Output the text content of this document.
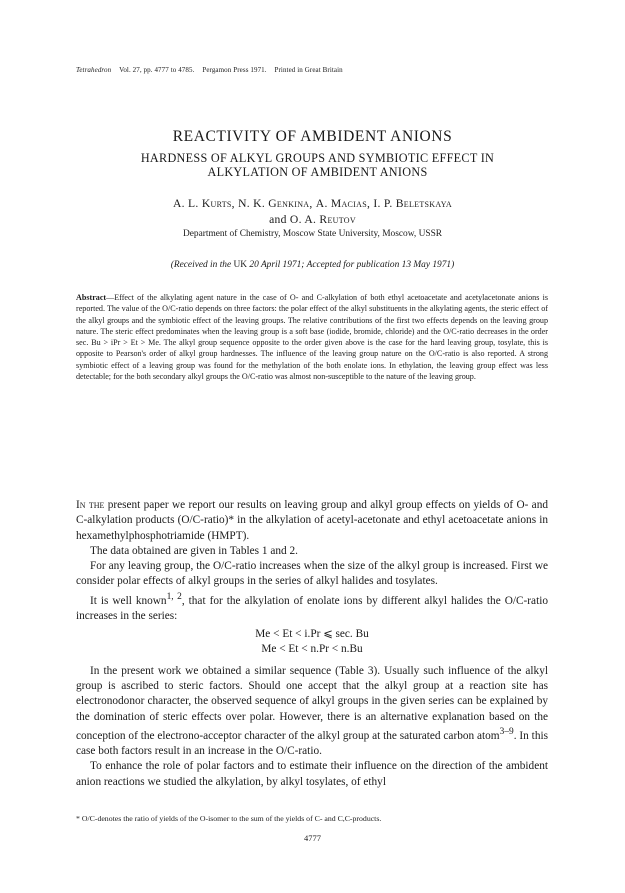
Tetrahedron Vol. 27, pp. 4777 to 4785. Pergamon Press 1971. Printed in Great Britain
REACTIVITY OF AMBIDENT ANIONS
HARDNESS OF ALKYL GROUPS AND SYMBIOTIC EFFECT IN
ALKYLATION OF AMBIDENT ANIONS
A. L. Kurts, N. K. Genkina, A. Macias, I. P. Beletskaya
and O. A. Reutov
Department of Chemistry, Moscow State University, Moscow, USSR
(Received in the UK 20 April 1971; Accepted for publication 13 May 1971)
Abstract—Effect of the alkylating agent nature in the case of O- and C-alkylation of both ethyl acetoacetate and acetylacetonate anions is reported. The value of the O/C-ratio depends on three factors: the polar effect of the alkyl substituents in the alkylating agents, the steric effect of the alkyl groups and the symbiotic effect of the leaving groups. The relative contributions of the first two effects depends on the leaving group nature. The steric effect predominates when the leaving group is a soft base (iodide, bromide, chloride) and the O/C-ratio decreases in the order sec. Bu > iPr > Et > Me. The alkyl group sequence opposite to the order given above is the case for the hard leaving group, tosylate, this is opposite to Pearson's order of alkyl group hardnesses. The influence of the leaving group nature on the O/C-ratio is also reported. A strong symbiotic effect of a leaving group was found for the methylation of the both enolate ions. In ethylation, the leaving group effect was less detectable; for the both secondary alkyl groups the O/C-ratio was almost non-susceptible to the nature of the leaving group.

In the present paper we report our results on leaving group and alkyl group effects on yields of O- and C-alkylation products (O/C-ratio)* in the alkylation of acetyl-acetonate and ethyl acetoacetate anions in hexamethylphosphotriamide (HMPT).

The data obtained are given in Tables 1 and 2.

For any leaving group, the O/C-ratio increases when the size of the alkyl group is increased. First we consider polar effects of alkyl groups in the series of alkyl halides and tosylates.

It is well known$^{1, 2}$, that for the alkylation of enolate ions by different alkyl halides the O/C-ratio increases in the series:

Me < Et < i.Pr ⩽ sec. Bu

Me < Et < n.Pr < n.Bu

In the present work we obtained a similar sequence (Table 3). Usually such influence of the alkyl group is ascribed to steric factors. Should one accept that the alkyl group at a reaction site has electronodonor character, the observed sequence of alkyl groups in the given series can be explained by the domination of steric effects over polar. However, there is an alternative explanation based on the conception of the electrono-acceptor character of the alkyl group at the saturated carbon atom$^{3-9}$. In this case both factors result in an increase in the O/C-ratio.

To enhance the role of polar factors and to estimate their influence on the direction of the ambident anion reactions we studied the alkylation, by alkyl tosylates, of ethyl

* O/C-denotes the ratio of yields of the O-isomer to the sum of the yields of C- and C,C-products.
4777
